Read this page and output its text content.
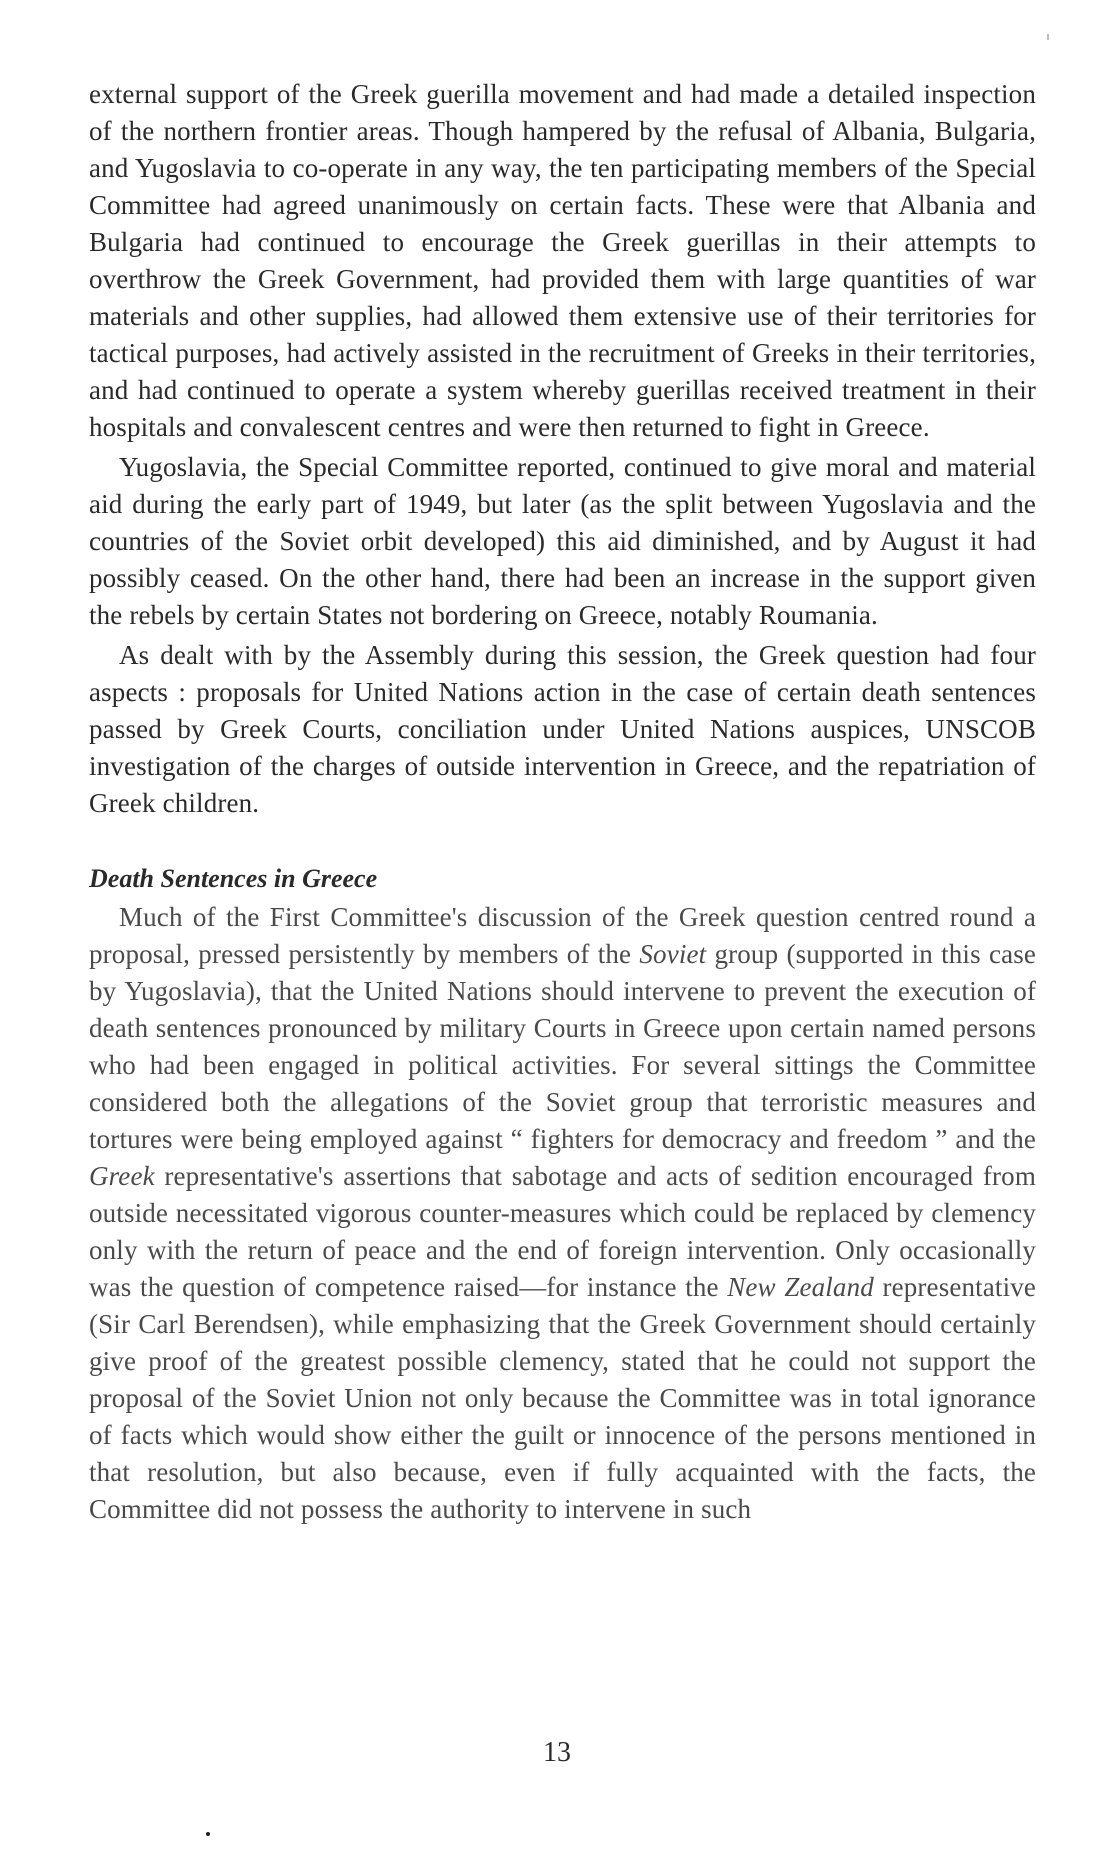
external support of the Greek guerilla movement and had made a detailed inspection of the northern frontier areas. Though hampered by the refusal of Albania, Bulgaria, and Yugoslavia to co-operate in any way, the ten participating members of the Special Committee had agreed unanimously on certain facts. These were that Albania and Bulgaria had continued to encourage the Greek guerillas in their attempts to overthrow the Greek Government, had provided them with large quantities of war materials and other supplies, had allowed them extensive use of their territories for tactical purposes, had actively assisted in the recruitment of Greeks in their territories, and had continued to operate a system whereby guerillas received treatment in their hospitals and convalescent centres and were then returned to fight in Greece.

Yugoslavia, the Special Committee reported, continued to give moral and material aid during the early part of 1949, but later (as the split between Yugoslavia and the countries of the Soviet orbit developed) this aid diminished, and by August it had possibly ceased. On the other hand, there had been an increase in the support given the rebels by certain States not bordering on Greece, notably Roumania.

As dealt with by the Assembly during this session, the Greek question had four aspects : proposals for United Nations action in the case of certain death sentences passed by Greek Courts, conciliation under United Nations auspices, UNSCOB investigation of the charges of outside intervention in Greece, and the repatriation of Greek children.

Death Sentences in Greece

Much of the First Committee's discussion of the Greek question centred round a proposal, pressed persistently by members of the Soviet group (supported in this case by Yugoslavia), that the United Nations should intervene to prevent the execution of death sentences pronounced by military Courts in Greece upon certain named persons who had been engaged in political activities. For several sittings the Committee considered both the allegations of the Soviet group that terroristic measures and tortures were being employed against “ fighters for democracy and freedom ” and the Greek representative's assertions that sabotage and acts of sedition encouraged from outside necessitated vigorous counter-measures which could be replaced by clemency only with the return of peace and the end of foreign intervention. Only occasionally was the question of competence raised—for instance the New Zealand representative (Sir Carl Berendsen), while emphasizing that the Greek Government should certainly give proof of the greatest possible clemency, stated that he could not support the proposal of the Soviet Union not only because the Committee was in total ignorance of facts which would show either the guilt or innocence of the persons mentioned in that resolution, but also because, even if fully acquainted with the facts, the Committee did not possess the authority to intervene in such

13
